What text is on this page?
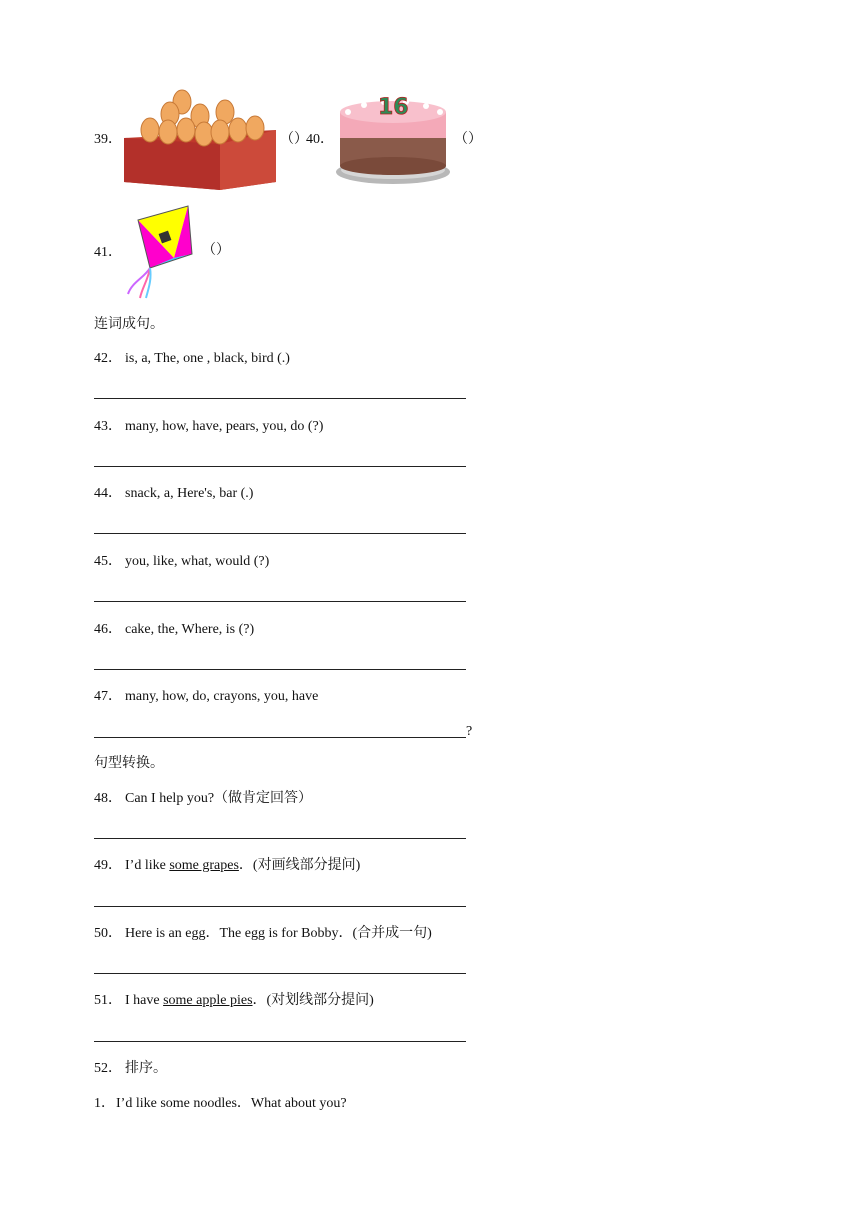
39．	（）
40．
16
（）
41．	（）
连词成句。
42． is, a, The, one , black, bird (.)
43． many, how, have, pears, you, do (?)
44． snack, a, Here's, bar (.)
45． you, like, what, would (?)
46． cake, the, Where, is (?)
47． many, how, do, crayons, you, have
?
句型转换。
48． Can I help you?（做肯定回答）
49． I’d like some grapes．(对画线部分提问)
50． Here is an egg．The egg is for Bobby．(合并成一句)
51． I have some apple pies．(对划线部分提问)
52． 排序。
1． I’d like some noodles．What about you?
